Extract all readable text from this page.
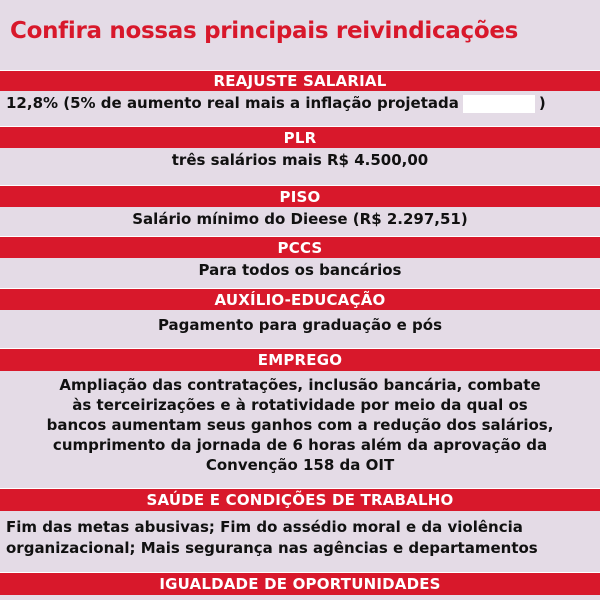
Confira nossas principais reivindicações
REAJUSTE SALARIAL
12,8% (5% de aumento real mais a inflação projetada	)
PLR
três salários mais R$ 4.500,00
PISO
Salário mínimo do Dieese (R$ 2.297,51)
PCCS
Para todos os bancários
AUXÍLIO-EDUCAÇÃO
Pagamento para graduação e pós
EMPREGO
Ampliação das contratações, inclusão bancária, combate
às terceirizações e à rotatividade por meio da qual os
bancos aumentam seus ganhos com a redução dos salários,
cumprimento da jornada de 6 horas além da aprovação da
Convenção 158 da OIT
SAÚDE E CONDIÇÕES DE TRABALHO
Fim das metas abusivas; Fim do assédio moral e da violência
organizacional; Mais segurança nas agências e departamentos
IGUALDADE DE OPORTUNIDADES
